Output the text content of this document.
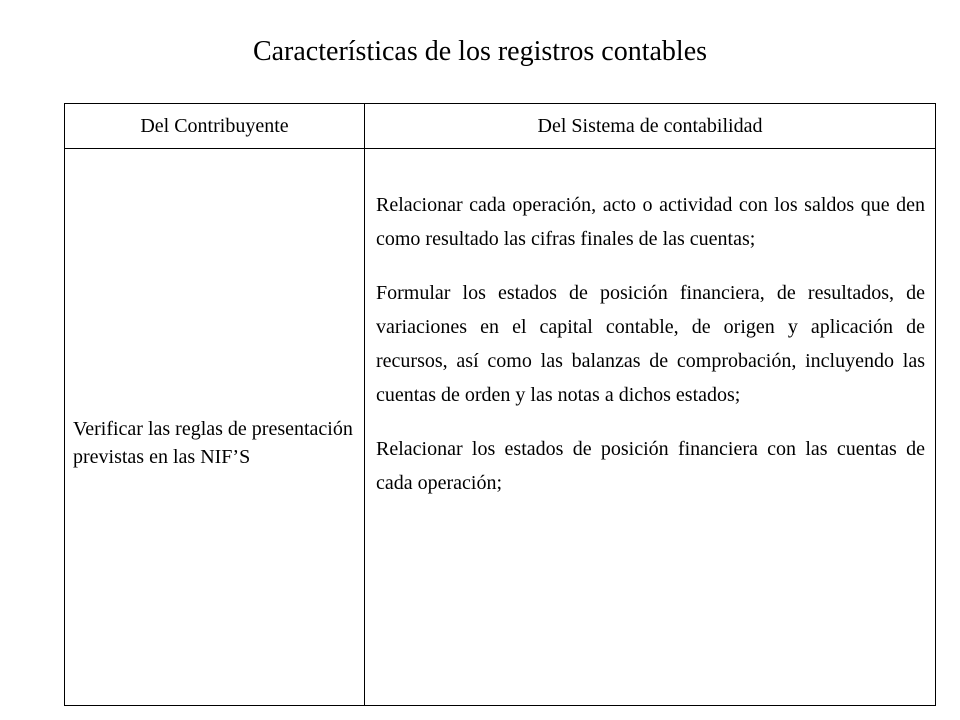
Características de los registros contables
Del Contribuyente	Del Sistema de contabilidad
Verificar las reglas de presentación previstas en las NIF’S

Relacionar cada operación, acto o actividad con los saldos que den como resultado las cifras finales de las cuentas;

Formular los estados de posición financiera, de resultados, de variaciones en el capital contable, de origen y aplicación de recursos, así como las balanzas de comprobación, incluyendo las cuentas de orden y las notas a dichos estados;

Relacionar los estados de posición financiera con las cuentas de cada operación;
